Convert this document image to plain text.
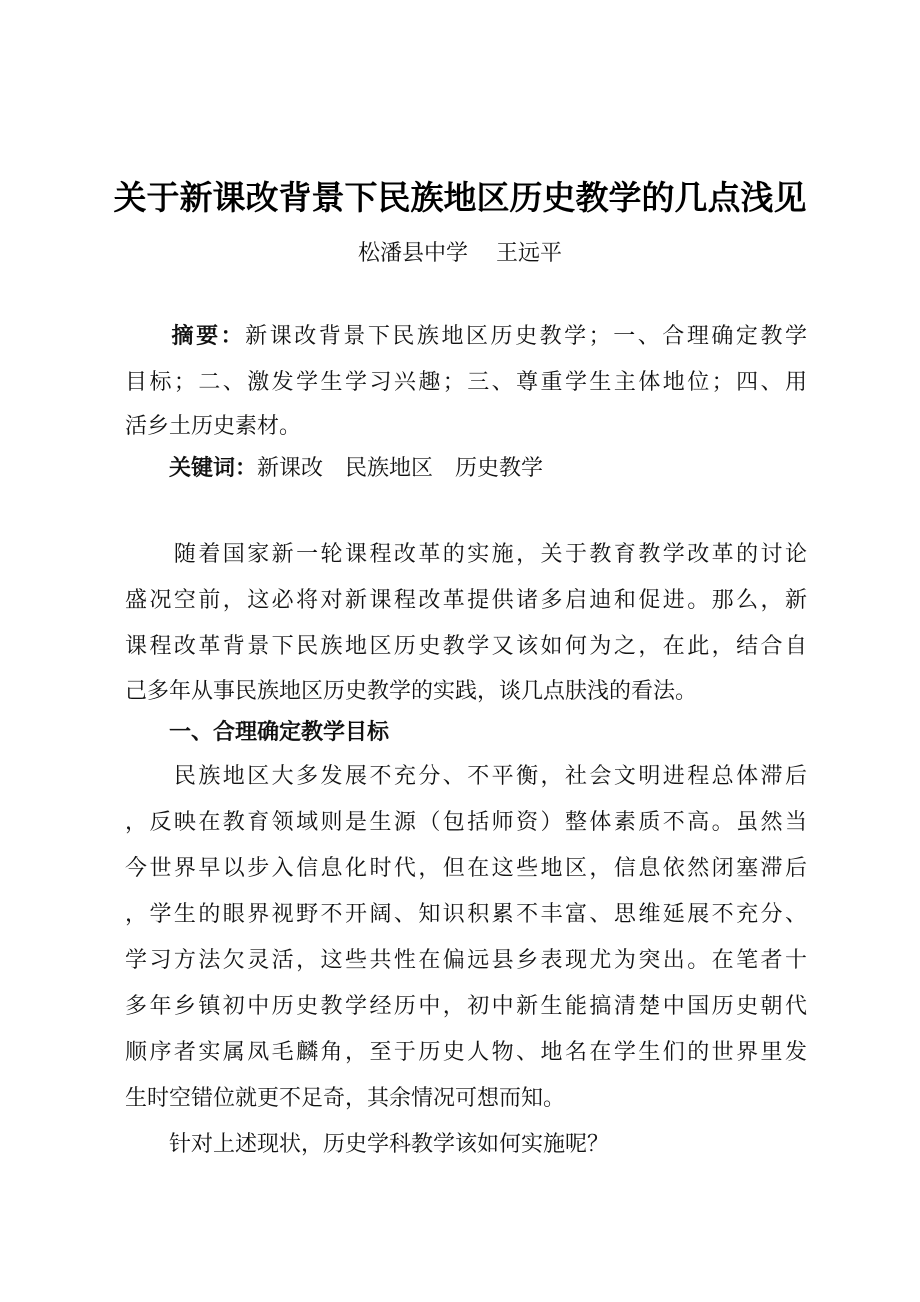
关于新课改背景下民族地区历史教学的几点浅见
松潘县中学 王远平
摘要：新课改背景下民族地区历史教学；一、合理确定教学
目标；二、激发学生学习兴趣；三、尊重学生主体地位；四、用
活乡土历史素材。
关键词：新课改 民族地区 历史教学
　　随着国家新一轮课程改革的实施，关于教育教学改革的讨论
盛况空前，这必将对新课程改革提供诸多启迪和促进。那么，新
课程改革背景下民族地区历史教学又该如何为之，在此，结合自
己多年从事民族地区历史教学的实践，谈几点肤浅的看法。
一、合理确定教学目标
　　民族地区大多发展不充分、不平衡，社会文明进程总体滞后
，反映在教育领域则是生源（包括师资）整体素质不高。虽然当
今世界早以步入信息化时代，但在这些地区，信息依然闭塞滞后
，学生的眼界视野不开阔、知识积累不丰富、思维延展不充分、
学习方法欠灵活，这些共性在偏远县乡表现尤为突出。在笔者十
多年乡镇初中历史教学经历中，初中新生能搞清楚中国历史朝代
顺序者实属凤毛麟角，至于历史人物、地名在学生们的世界里发
生时空错位就更不足奇，其余情况可想而知。
　　针对上述现状，历史学科教学该如何实施呢？
